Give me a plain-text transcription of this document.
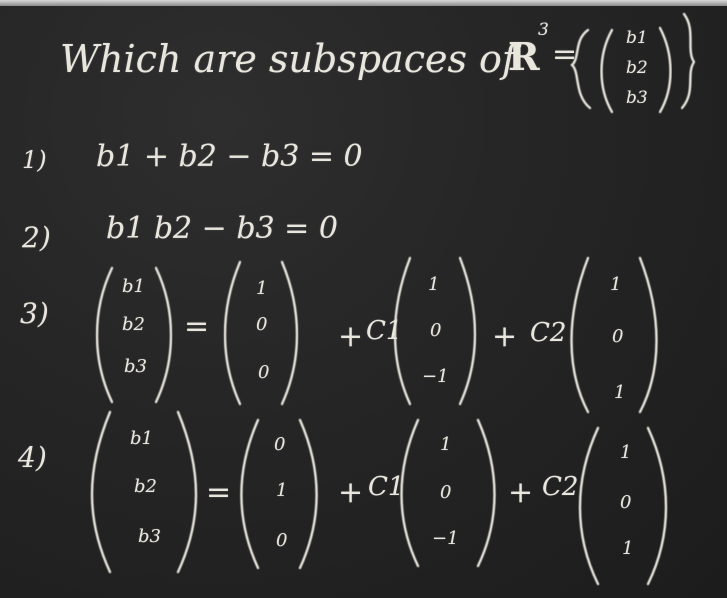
Which are subspaces of
R
3
=	b1
b2
b3
1) b1 + b2 − b3 = 0
2) b1 b2 − b3 = 0
3)
b1
b2
b3
=
1
0
0
+ C1
1
0
−1
+ C2
1
0
1
4)
b1
b2
b3
=
0
1
0
+ C1
1
0
−1
+ C2
1
0
1
